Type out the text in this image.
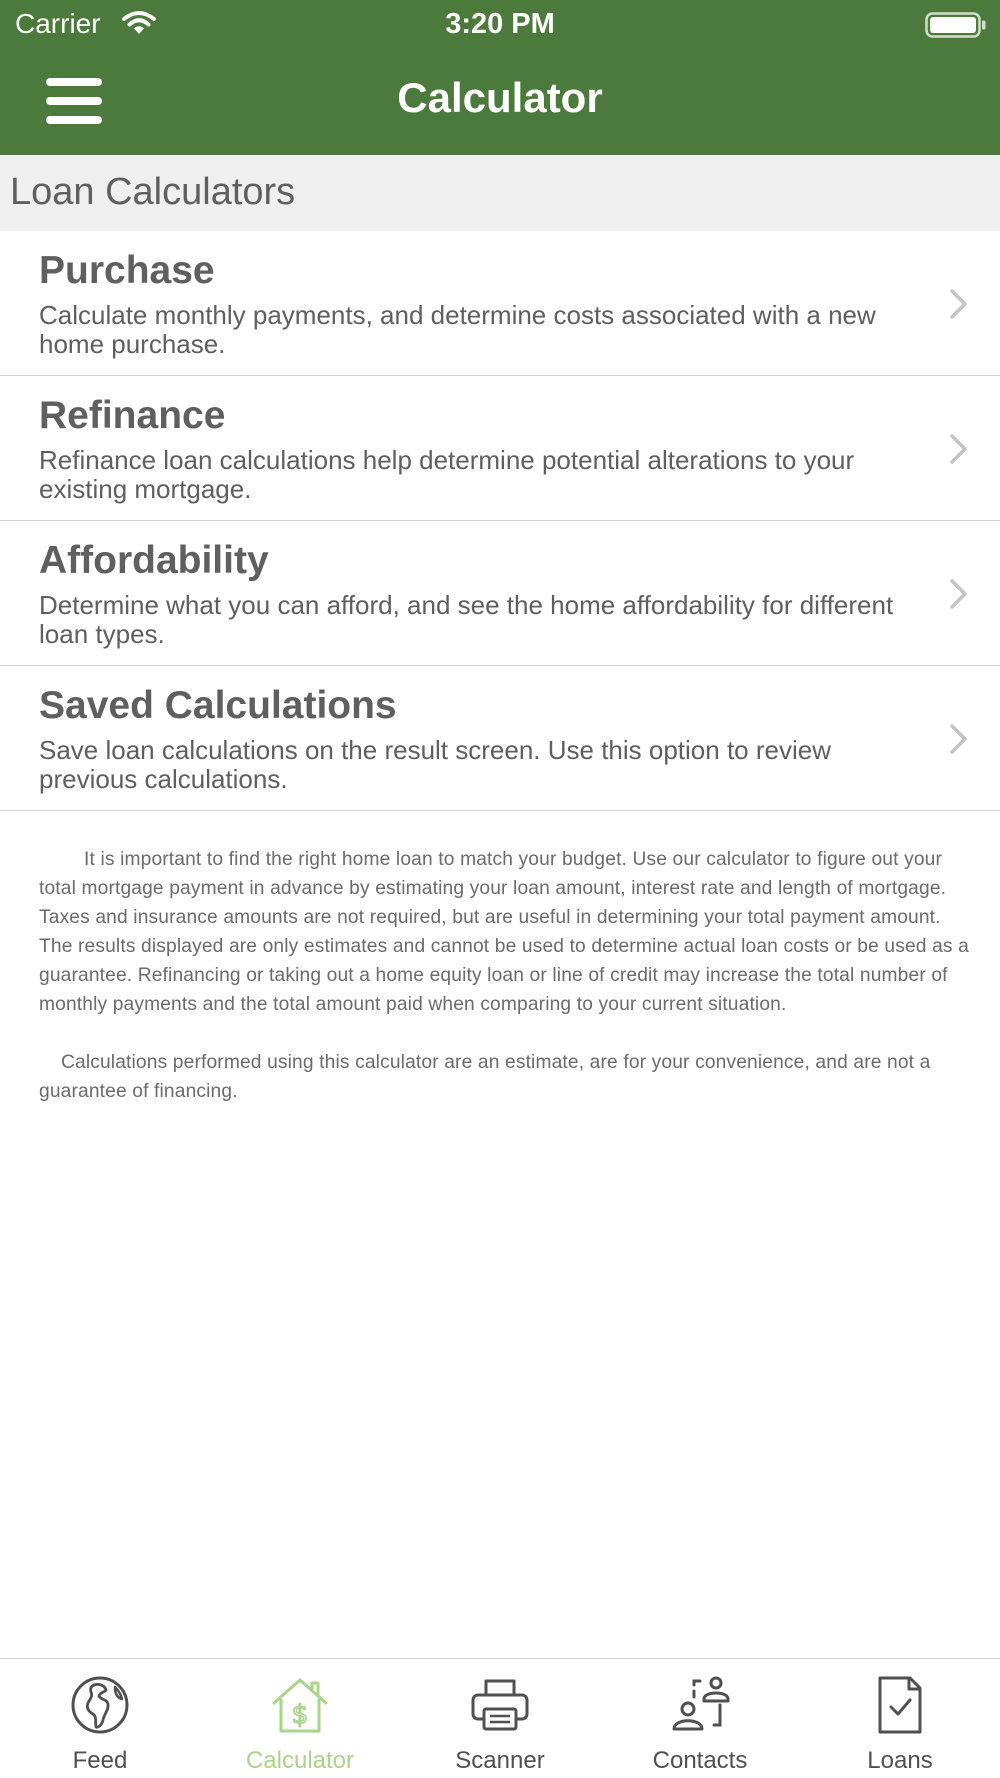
Carrier	3:20 PM
Calculator
Loan Calculators
Purchase
Calculate monthly payments, and determine costs associated with a new home purchase.
Refinance
Refinance loan calculations help determine potential alterations to your existing mortgage.
Affordability
Determine what you can afford, and see the home affordability for different loan types.
Saved Calculations
Save loan calculations on the result screen. Use this option to review previous calculations.

It is important to find the right home loan to match your budget. Use our calculator to figure out your total mortgage payment in advance by estimating your loan amount, interest rate and length of mortgage. Taxes and insurance amounts are not required, but are useful in determining your total payment amount. The results displayed are only estimates and cannot be used to determine actual loan costs or be used as a guarantee. Refinancing or taking out a home equity loan or line of credit may increase the total number of monthly payments and the total amount paid when comparing to your current situation.

Calculations performed using this calculator are an estimate, are for your convenience, and are not a guarantee of financing.

Feed
$
Calculator	Scanner	Contacts	Loans
